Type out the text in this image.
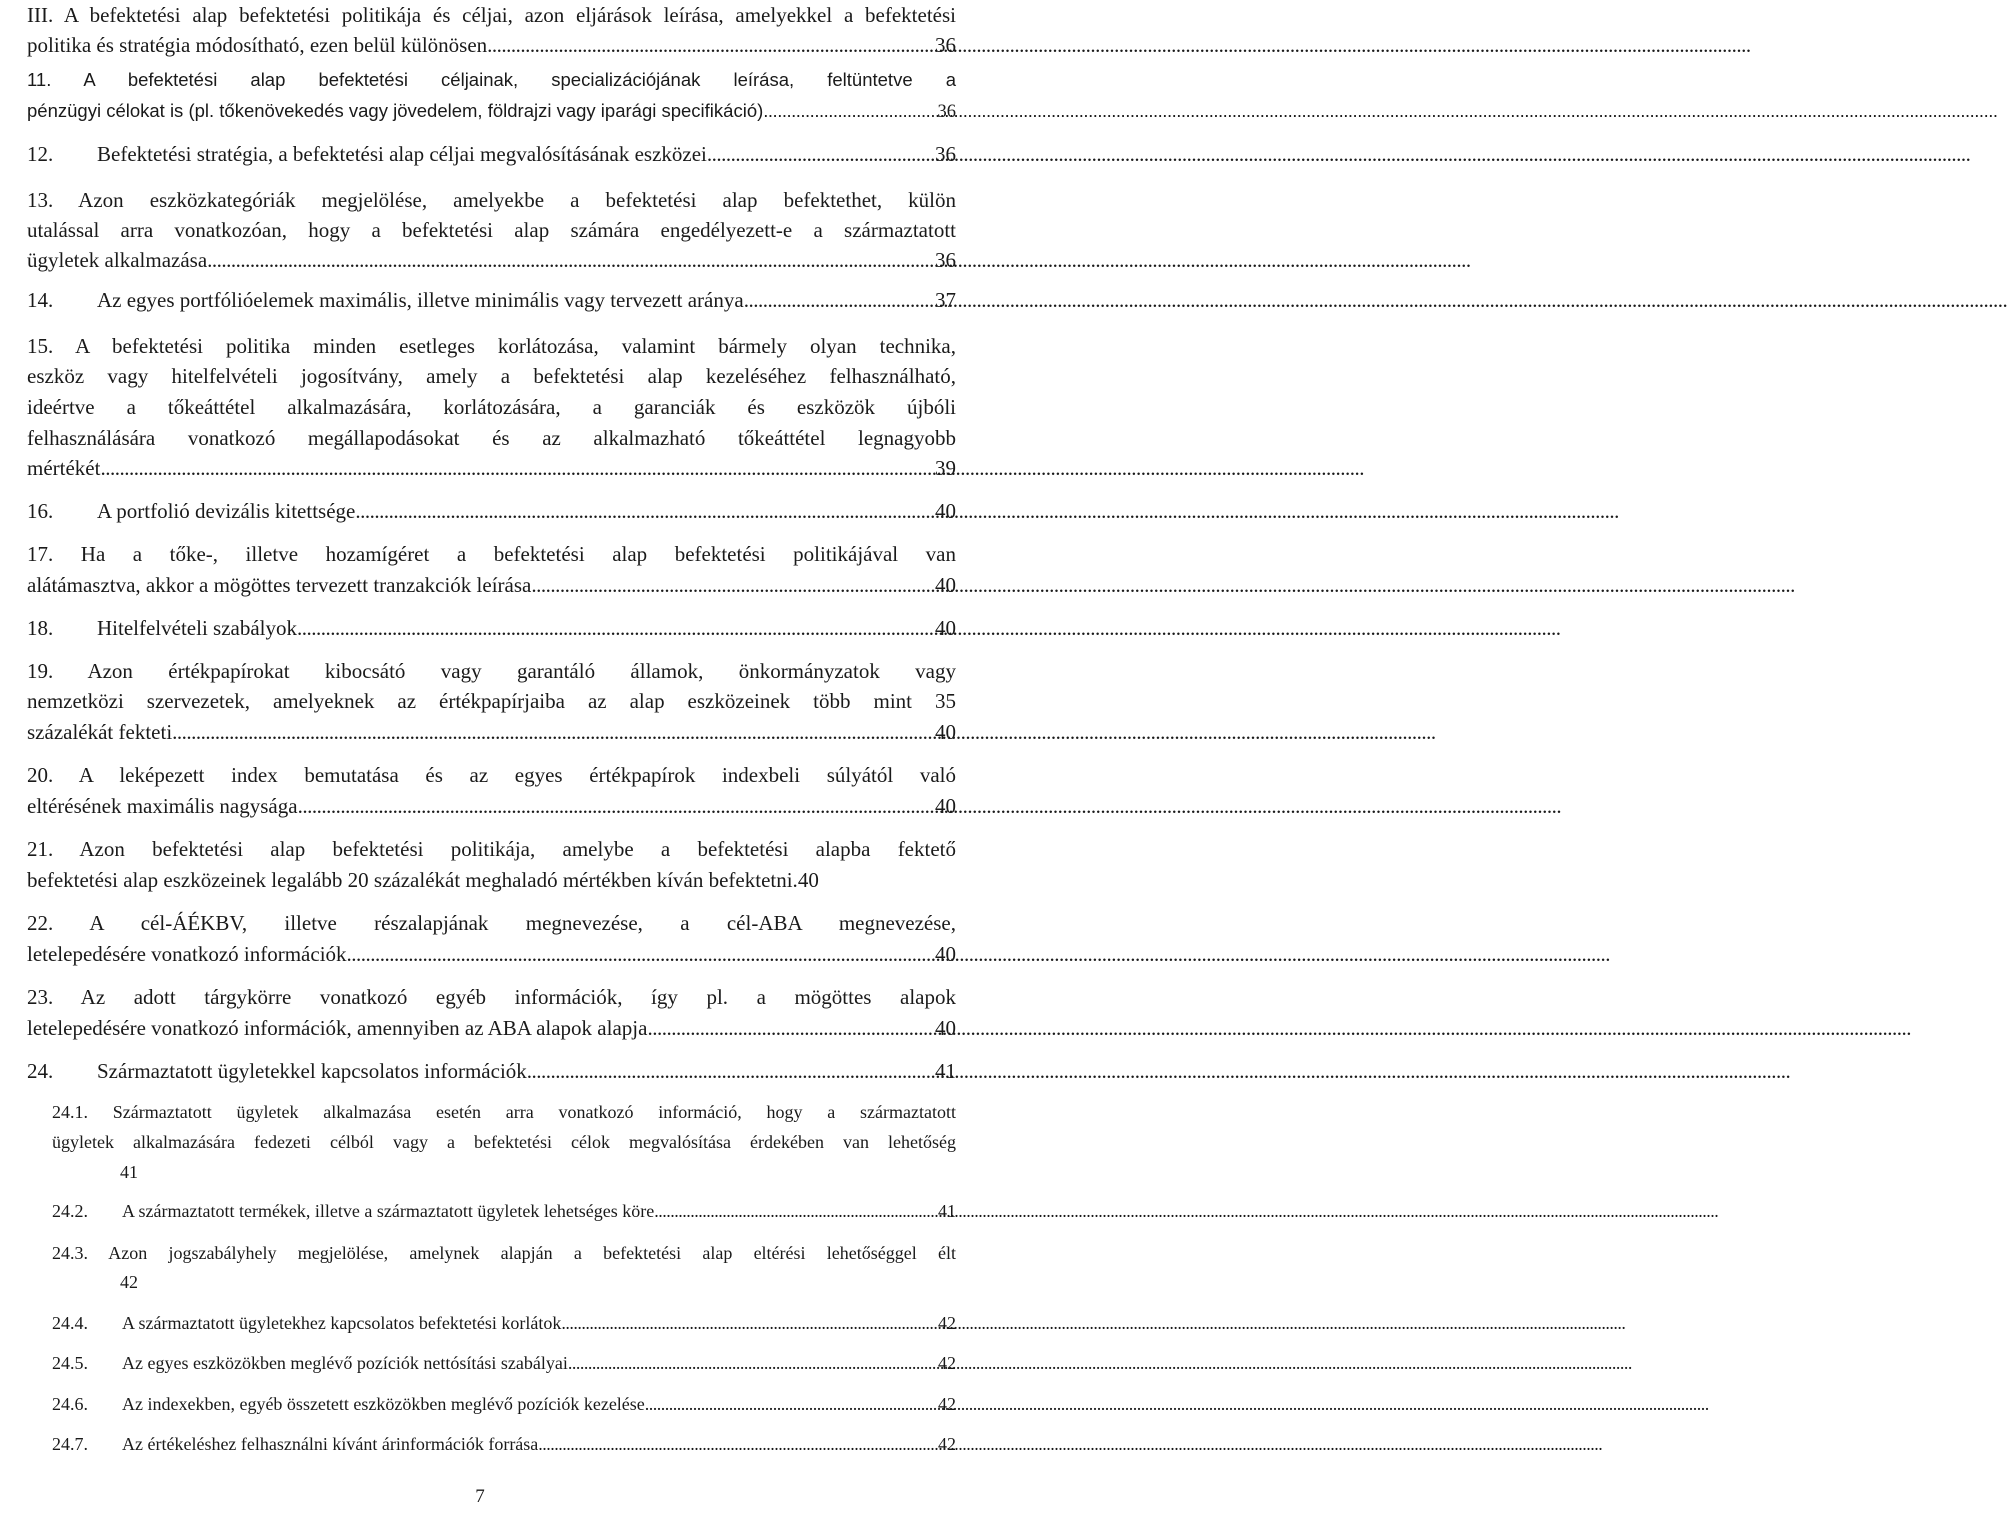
III. A befektetési alap befektetési politikája és céljai, azon eljárások leírása, amelyekkel a befektetési
politika és stratégia módosítható, ezen belül különösen .....	36
11. A befektetési alap befektetési céljainak, specializációjának leírása, feltüntetve a
pénzügyi célokat is (pl. tőkenövekedés vagy jövedelem, földrajzi vagy iparági specifikáció) .....	36
12.	Befektetési stratégia, a befektetési alap céljai megvalósításának eszközei .....	36
13. Azon eszközkategóriák megjelölése, amelyekbe a befektetési alap befektethet, külön
utalással arra vonatkozóan, hogy a befektetési alap számára engedélyezett-e a származtatott
ügyletek alkalmazása .....	36
14.	Az egyes portfólióelemek maximális, illetve minimális vagy tervezett aránya .....	37
15. A befektetési politika minden esetleges korlátozása, valamint bármely olyan technika,
eszköz vagy hitelfelvételi jogosítvány, amely a befektetési alap kezeléséhez felhasználható,
ideértve a tőkeáttétel alkalmazására, korlátozására, a garanciák és eszközök újbóli
felhasználására vonatkozó megállapodásokat és az alkalmazható tőkeáttétel legnagyobb
mértékét .....	39
16.	A portfolió devizális kitettsége .....	40
17. Ha a tőke-, illetve hozamígéret a befektetési alap befektetési politikájával van
alátámasztva, akkor a mögöttes tervezett tranzakciók leírása .....	40
18.	Hitelfelvételi szabályok .....	40
19. Azon értékpapírokat kibocsátó vagy garantáló államok, önkormányzatok vagy
nemzetközi szervezetek, amelyeknek az értékpapírjaiba az alap eszközeinek több mint 35
százalékát fekteti .....	40
20. A leképezett index bemutatása és az egyes értékpapírok indexbeli súlyától való
eltérésének maximális nagysága .....	40
21. Azon befektetési alap befektetési politikája, amelybe a befektetési alapba fektető
befektetési alap eszközeinek legalább 20 százalékát meghaladó mértékben kíván befektetni. 40
22. A cél-ÁÉKBV, illetve részalapjának megnevezése, a cél-ABA megnevezése,
letelepedésére vonatkozó információk .....	40
23. Az adott tárgykörre vonatkozó egyéb információk, így pl. a mögöttes alapok
letelepedésére vonatkozó információk, amennyiben az ABA alapok alapja .....	40
24.	Származtatott ügyletekkel kapcsolatos információk .....	41
24.1. Származtatott ügyletek alkalmazása esetén arra vonatkozó információ, hogy a származtatott
ügyletek alkalmazására fedezeti célból vagy a befektetési célok megvalósítása érdekében van lehetőség
41
24.2.	A származtatott termékek, illetve a származtatott ügyletek lehetséges köre .....	41
24.3. Azon jogszabályhely megjelölése, amelynek alapján a befektetési alap eltérési lehetőséggel élt
42
24.4.	A származtatott ügyletekhez kapcsolatos befektetési korlátok .....	42
24.5.	Az egyes eszközökben meglévő pozíciók nettósítási szabályai .....	42
24.6.	Az indexekben, egyéb összetett eszközökben meglévő pozíciók kezelése .....	42
24.7.	Az értékeléshez felhasználni kívánt árinformációk forrása .....	42
7
